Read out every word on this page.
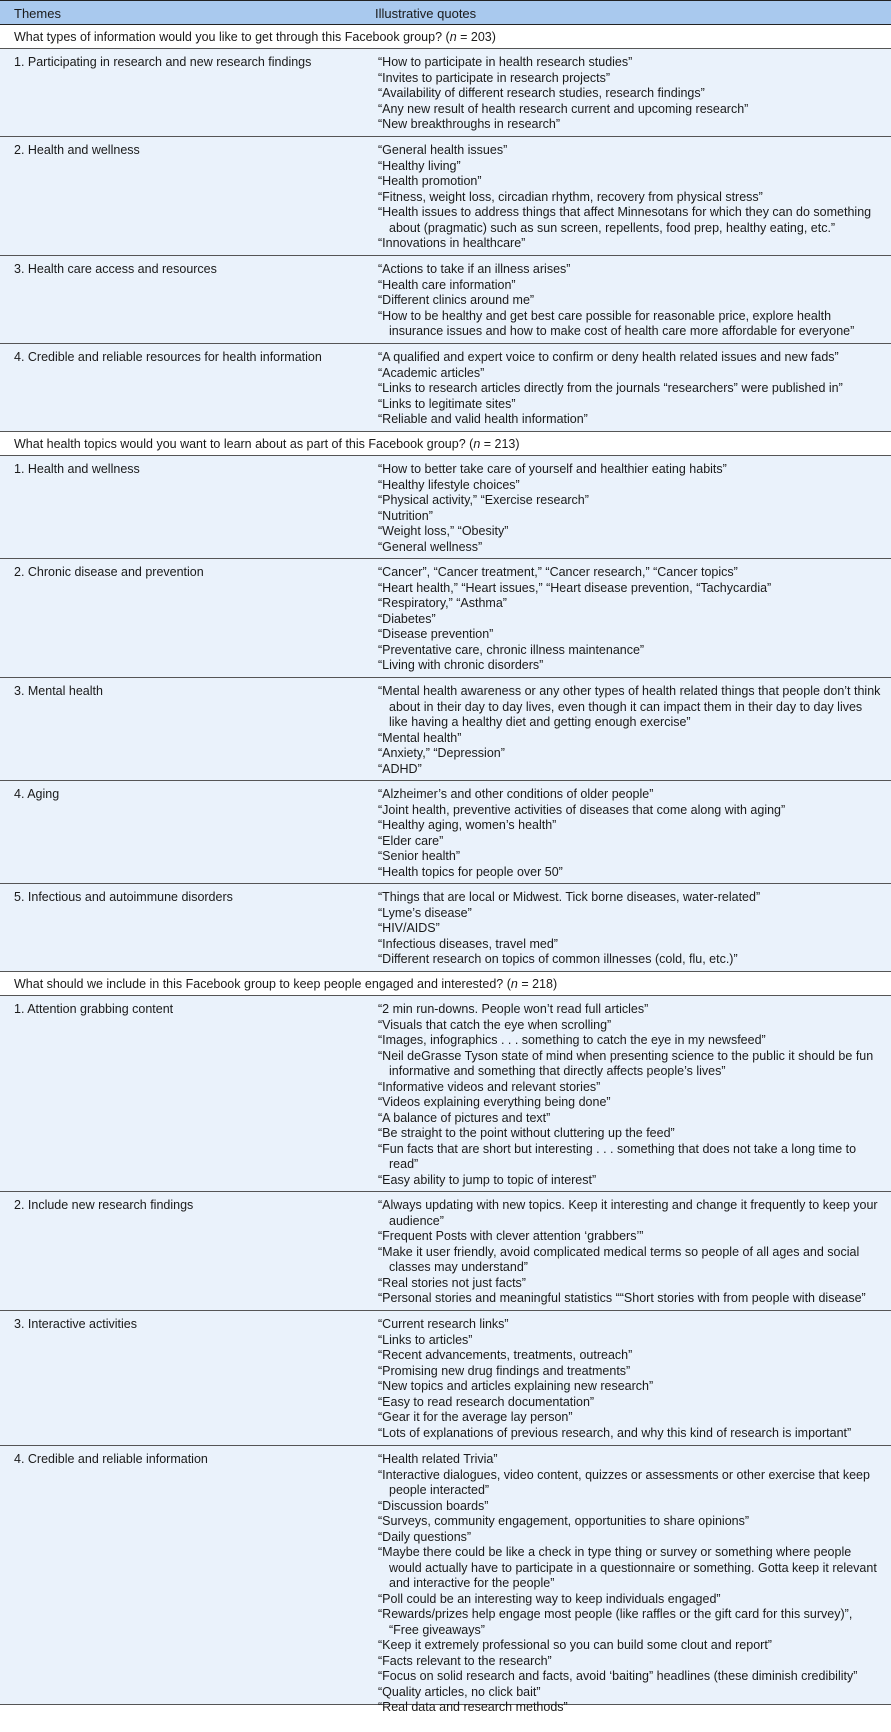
Themes	Illustrative quotes
What types of information would you like to get through this Facebook group? (n = 203)
1. Participating in research and new research findings	“How to participate in health research studies”
“Invites to participate in research projects”
“Availability of different research studies, research findings”
“Any new result of health research current and upcoming research”
“New breakthroughs in research”
2. Health and wellness	“General health issues”
“Healthy living”
“Health promotion”
“Fitness, weight loss, circadian rhythm, recovery from physical stress”
“Health issues to address things that affect Minnesotans for which they can do something about (pragmatic) such as sun screen, repellents, food prep, healthy eating, etc.”
“Innovations in healthcare”
3. Health care access and resources	“Actions to take if an illness arises”
“Health care information”
“Different clinics around me”
“How to be healthy and get best care possible for reasonable price, explore health insurance issues and how to make cost of health care more affordable for everyone”
4. Credible and reliable resources for health information	“A qualified and expert voice to confirm or deny health related issues and new fads”
“Academic articles”
“Links to research articles directly from the journals “researchers” were published in”
“Links to legitimate sites”
“Reliable and valid health information”
What health topics would you want to learn about as part of this Facebook group? (n = 213)
1. Health and wellness	“How to better take care of yourself and healthier eating habits”
“Healthy lifestyle choices”
“Physical activity,” “Exercise research”
“Nutrition”
“Weight loss,” “Obesity”
“General wellness”
2. Chronic disease and prevention	“Cancer”, “Cancer treatment,” “Cancer research,” “Cancer topics”
“Heart health,” “Heart issues,” “Heart disease prevention, “Tachycardia”
“Respiratory,” “Asthma”
“Diabetes”
“Disease prevention”
“Preventative care, chronic illness maintenance”
“Living with chronic disorders”
3. Mental health	“Mental health awareness or any other types of health related things that people don’t think about in their day to day lives, even though it can impact them in their day to day lives like having a healthy diet and getting enough exercise”
“Mental health”
“Anxiety,” “Depression”
“ADHD”
4. Aging	“Alzheimer’s and other conditions of older people”
“Joint health, preventive activities of diseases that come along with aging”
“Healthy aging, women’s health”
“Elder care”
“Senior health”
“Health topics for people over 50”
5. Infectious and autoimmune disorders	“Things that are local or Midwest. Tick borne diseases, water-related”
“Lyme’s disease”
“HIV/AIDS”
“Infectious diseases, travel med”
“Different research on topics of common illnesses (cold, flu, etc.)”
What should we include in this Facebook group to keep people engaged and interested? (n = 218)
1. Attention grabbing content	“2 min run-downs. People won’t read full articles”
“Visuals that catch the eye when scrolling”
“Images, infographics . . . something to catch the eye in my newsfeed”
“Neil deGrasse Tyson state of mind when presenting science to the public it should be fun informative and something that directly affects people’s lives”
“Informative videos and relevant stories”
“Videos explaining everything being done”
“A balance of pictures and text”
“Be straight to the point without cluttering up the feed”
“Fun facts that are short but interesting . . . something that does not take a long time to read”
“Easy ability to jump to topic of interest”
2. Include new research findings	“Always updating with new topics. Keep it interesting and change it frequently to keep your audience”
“Frequent Posts with clever attention ‘grabbers’”
“Make it user friendly, avoid complicated medical terms so people of all ages and social classes may understand”
“Real stories not just facts”
“Personal stories and meaningful statistics ““Short stories with from people with disease”
3. Interactive activities	“Current research links”
“Links to articles”
“Recent advancements, treatments, outreach”
“Promising new drug findings and treatments”
“New topics and articles explaining new research”
“Easy to read research documentation”
“Gear it for the average lay person”
“Lots of explanations of previous research, and why this kind of research is important”
4. Credible and reliable information	“Health related Trivia”
“Interactive dialogues, video content, quizzes or assessments or other exercise that keep people interacted”
“Discussion boards”
“Surveys, community engagement, opportunities to share opinions”
“Daily questions”
“Maybe there could be like a check in type thing or survey or something where people would actually have to participate in a questionnaire or something. Gotta keep it relevant and interactive for the people”
“Poll could be an interesting way to keep individuals engaged”
“Rewards/prizes help engage most people (like raffles or the gift card for this survey)”, “Free giveaways”
“Keep it extremely professional so you can build some clout and report”
“Facts relevant to the research”
“Focus on solid research and facts, avoid ‘baiting” headlines (these diminish credibility”
“Quality articles, no click bait”
“Real data and research methods”
